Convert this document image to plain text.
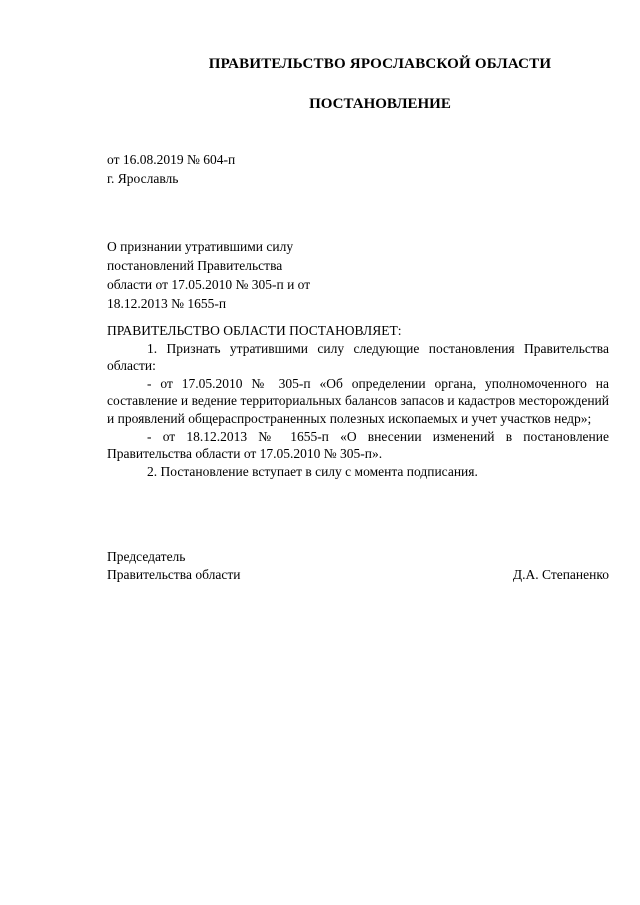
ПРАВИТЕЛЬСТВО ЯРОСЛАВСКОЙ ОБЛАСТИ
ПОСТАНОВЛЕНИЕ
от 16.08.2019 № 604-п
г. Ярославль
О признании утратившими силу
постановлений Правительства
области от 17.05.2010 № 305-п и от
18.12.2013 № 1655-п
ПРАВИТЕЛЬСТВО ОБЛАСТИ ПОСТАНОВЛЯЕТ:
1. Признать утратившими силу следующие постановления Правительства области:
- от 17.05.2010 № 305-п «Об определении органа, уполномоченного на составление и ведение территориальных балансов запасов и кадастров месторождений и проявлений общераспространенных полезных ископаемых и учет участков недр»;
- от 18.12.2013 № 1655-п «О внесении изменений в постановление Правительства области от 17.05.2010 № 305-п».
2. Постановление вступает в силу с момента подписания.
Председатель
Правительства области	Д.А. Степаненко
